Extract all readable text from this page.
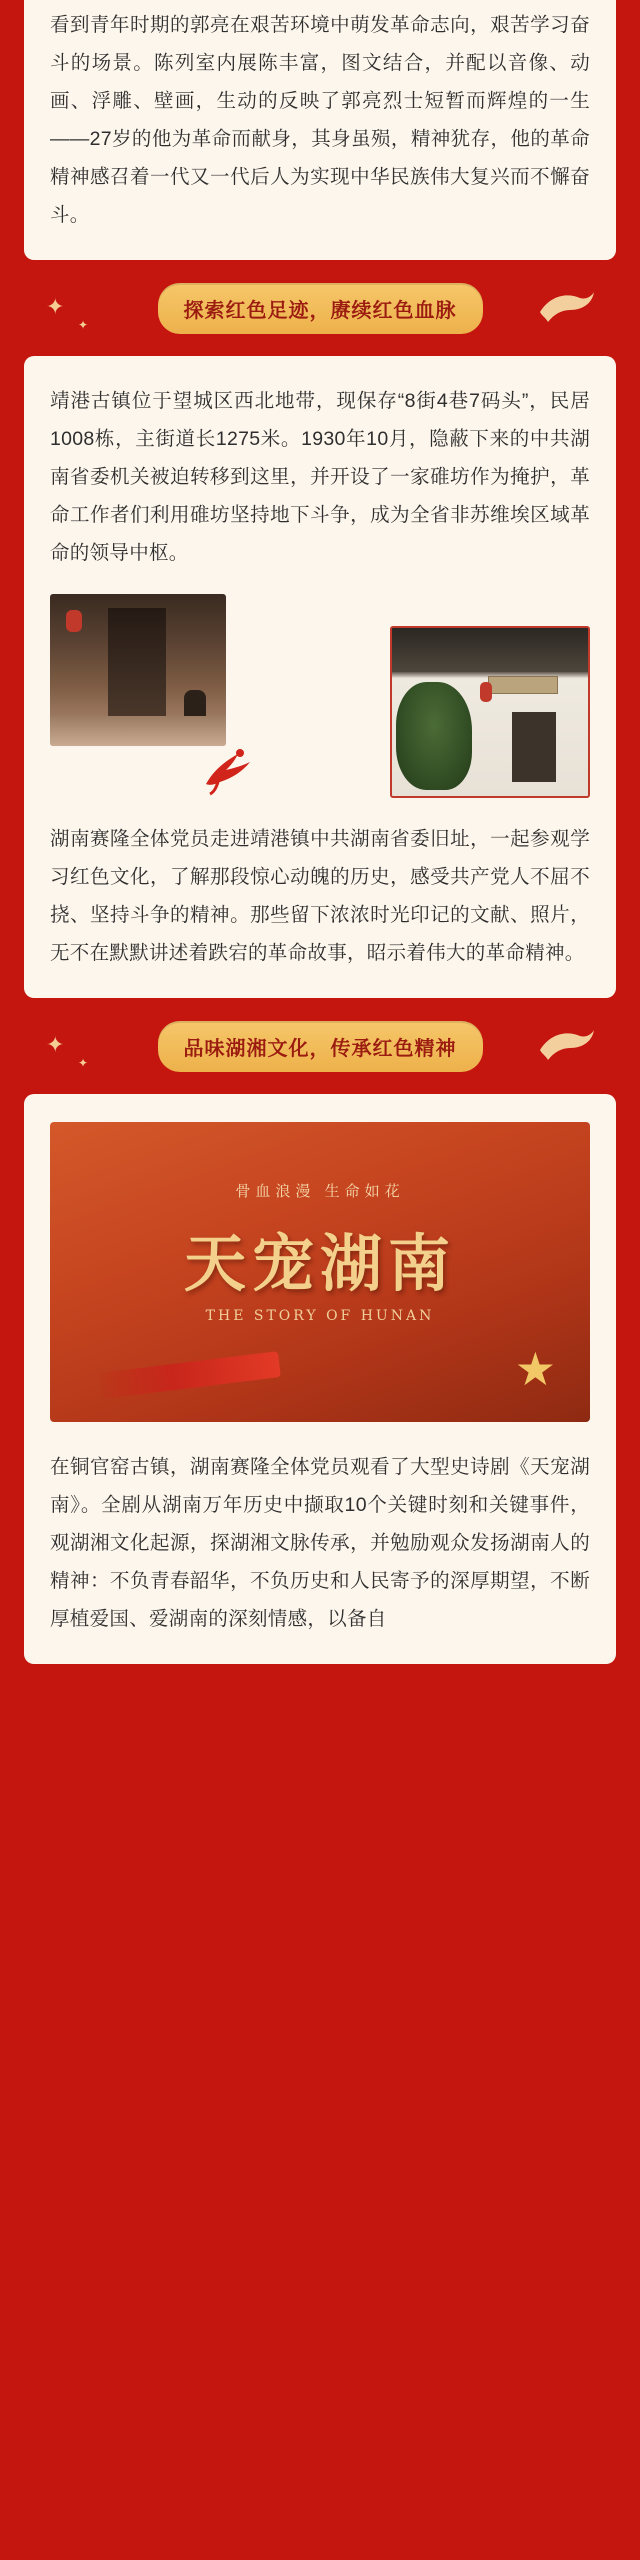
看到青年时期的郭亮在艰苦环境中萌发革命志向，艰苦学习奋斗的场景。陈列室内展陈丰富，图文结合，并配以音像、动画、浮雕、壁画，生动的反映了郭亮烈士短暂而辉煌的一生——27岁的他为革命而献身，其身虽殒，精神犹存，他的革命精神感召着一代又一代后人为实现中华民族伟大复兴而不懈奋斗。

✦
✦
探索红色足迹，赓续红色血脉

靖港古镇位于望城区西北地带，现保存“8街4巷7码头”，民居1008栋，主街道长1275米。1930年10月，隐蔽下来的中共湖南省委机关被迫转移到这里，并开设了一家碓坊作为掩护，革命工作者们利用碓坊坚持地下斗争，成为全省非苏维埃区域革命的领导中枢。

湖南赛隆全体党员走进靖港镇中共湖南省委旧址，一起参观学习红色文化，了解那段惊心动魄的历史，感受共产党人不屈不挠、坚持斗争的精神。那些留下浓浓时光印记的文献、照片，无不在默默讲述着跌宕的革命故事，昭示着伟大的革命精神。

✦
✦
品味湖湘文化，传承红色精神
骨血浪漫 生命如花
天宠湖南
THE STORY OF HUNAN
★

在铜官窑古镇，湖南赛隆全体党员观看了大型史诗剧《天宠湖南》。全剧从湖南万年历史中撷取10个关键时刻和关键事件，观湖湘文化起源，探湖湘文脉传承，并勉励观众发扬湖南人的精神：不负青春韶华，不负历史和人民寄予的深厚期望，不断厚植爱国、爱湖南的深刻情感，以备自
